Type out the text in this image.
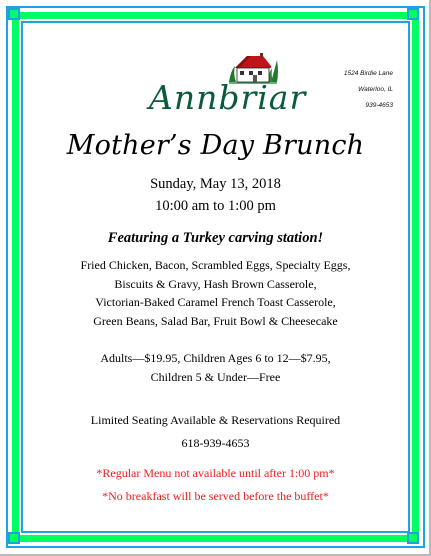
Annbriar
1524 Birdie Lane
Waterloo, IL
939-4653
Mother’s Day Brunch
Sunday, May 13, 2018
10:00 am to 1:00 pm
Featuring a Turkey carving station!
Fried Chicken, Bacon, Scrambled Eggs, Specialty Eggs,
Biscuits & Gravy, Hash Brown Casserole,
Victorian-Baked Caramel French Toast Casserole,
Green Beans, Salad Bar, Fruit Bowl & Cheesecake
Adults—$19.95, Children Ages 6 to 12—$7.95,
Children 5 & Under—Free
Limited Seating Available & Reservations Required
618-939-4653
*Regular Menu not available until after 1:00 pm*
*No breakfast will be served before the buffet*
